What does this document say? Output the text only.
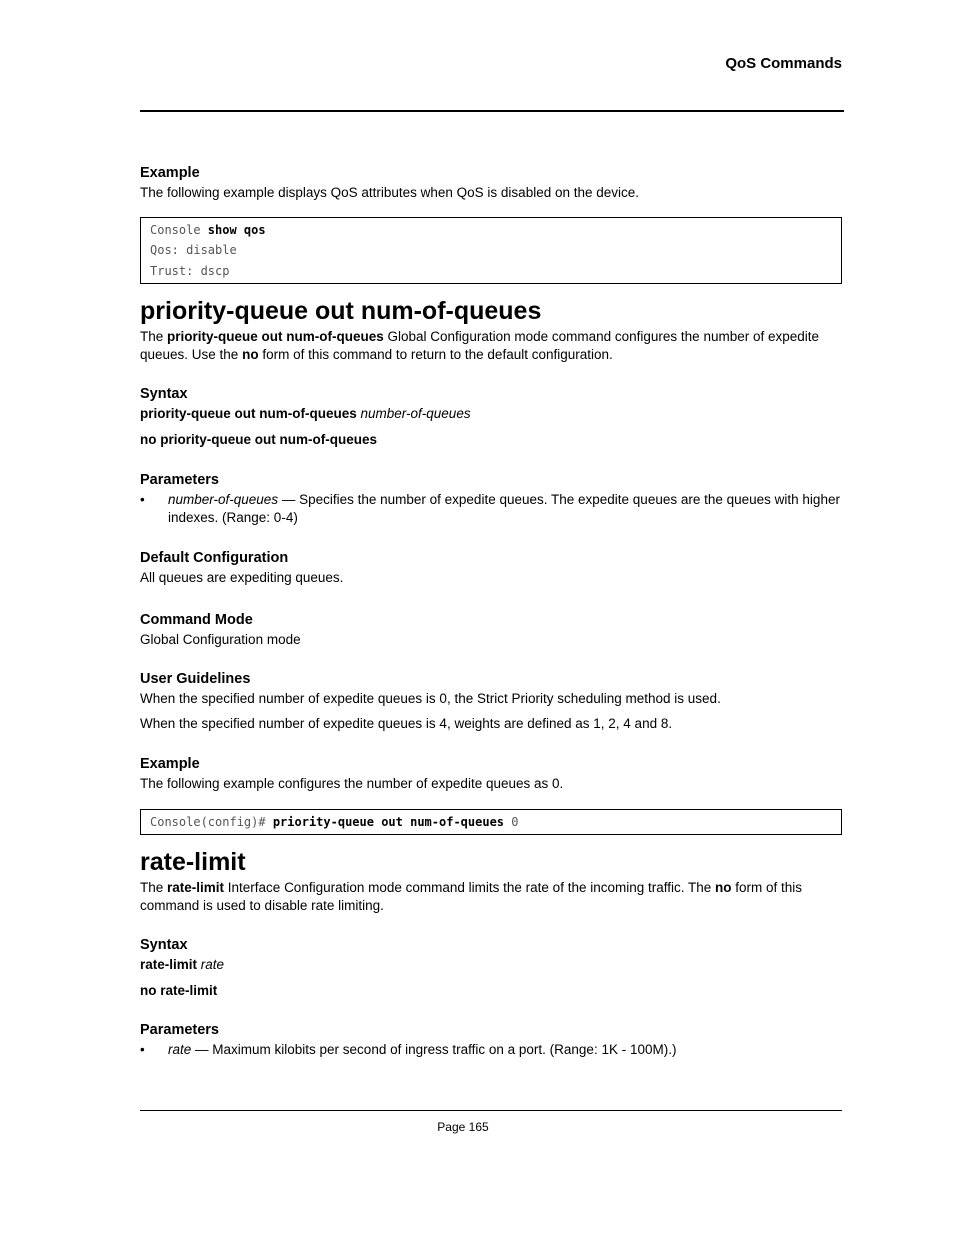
QoS Commands
Example

The following example displays QoS attributes when QoS is disabled on the device.

Console show qos
Qos: disable
Trust: dscp
priority-queue out num-of-queues

The priority-queue out num-of-queues Global Configuration mode command configures the number of expedite queues. Use the no form of this command to return to the default configuration.

Syntax

priority-queue out num-of-queues number-of-queues

no priority-queue out num-of-queues

Parameters
• number-of-queues — Specifies the number of expedite queues. The expedite queues are the queues with higher indexes. (Range: 0-4)
Default Configuration

All queues are expediting queues.

Command Mode

Global Configuration mode

User Guidelines

When the specified number of expedite queues is 0, the Strict Priority scheduling method is used.

When the specified number of expedite queues is 4, weights are defined as 1, 2, 4 and 8.

Example

The following example configures the number of expedite queues as 0.

Console(config)# priority-queue out num-of-queues 0
rate-limit

The rate-limit Interface Configuration mode command limits the rate of the incoming traffic. The no form of this command is used to disable rate limiting.

Syntax

rate-limit rate

no rate-limit

Parameters
• rate — Maximum kilobits per second of ingress traffic on a port. (Range: 1K - 100M).)
Page 165
